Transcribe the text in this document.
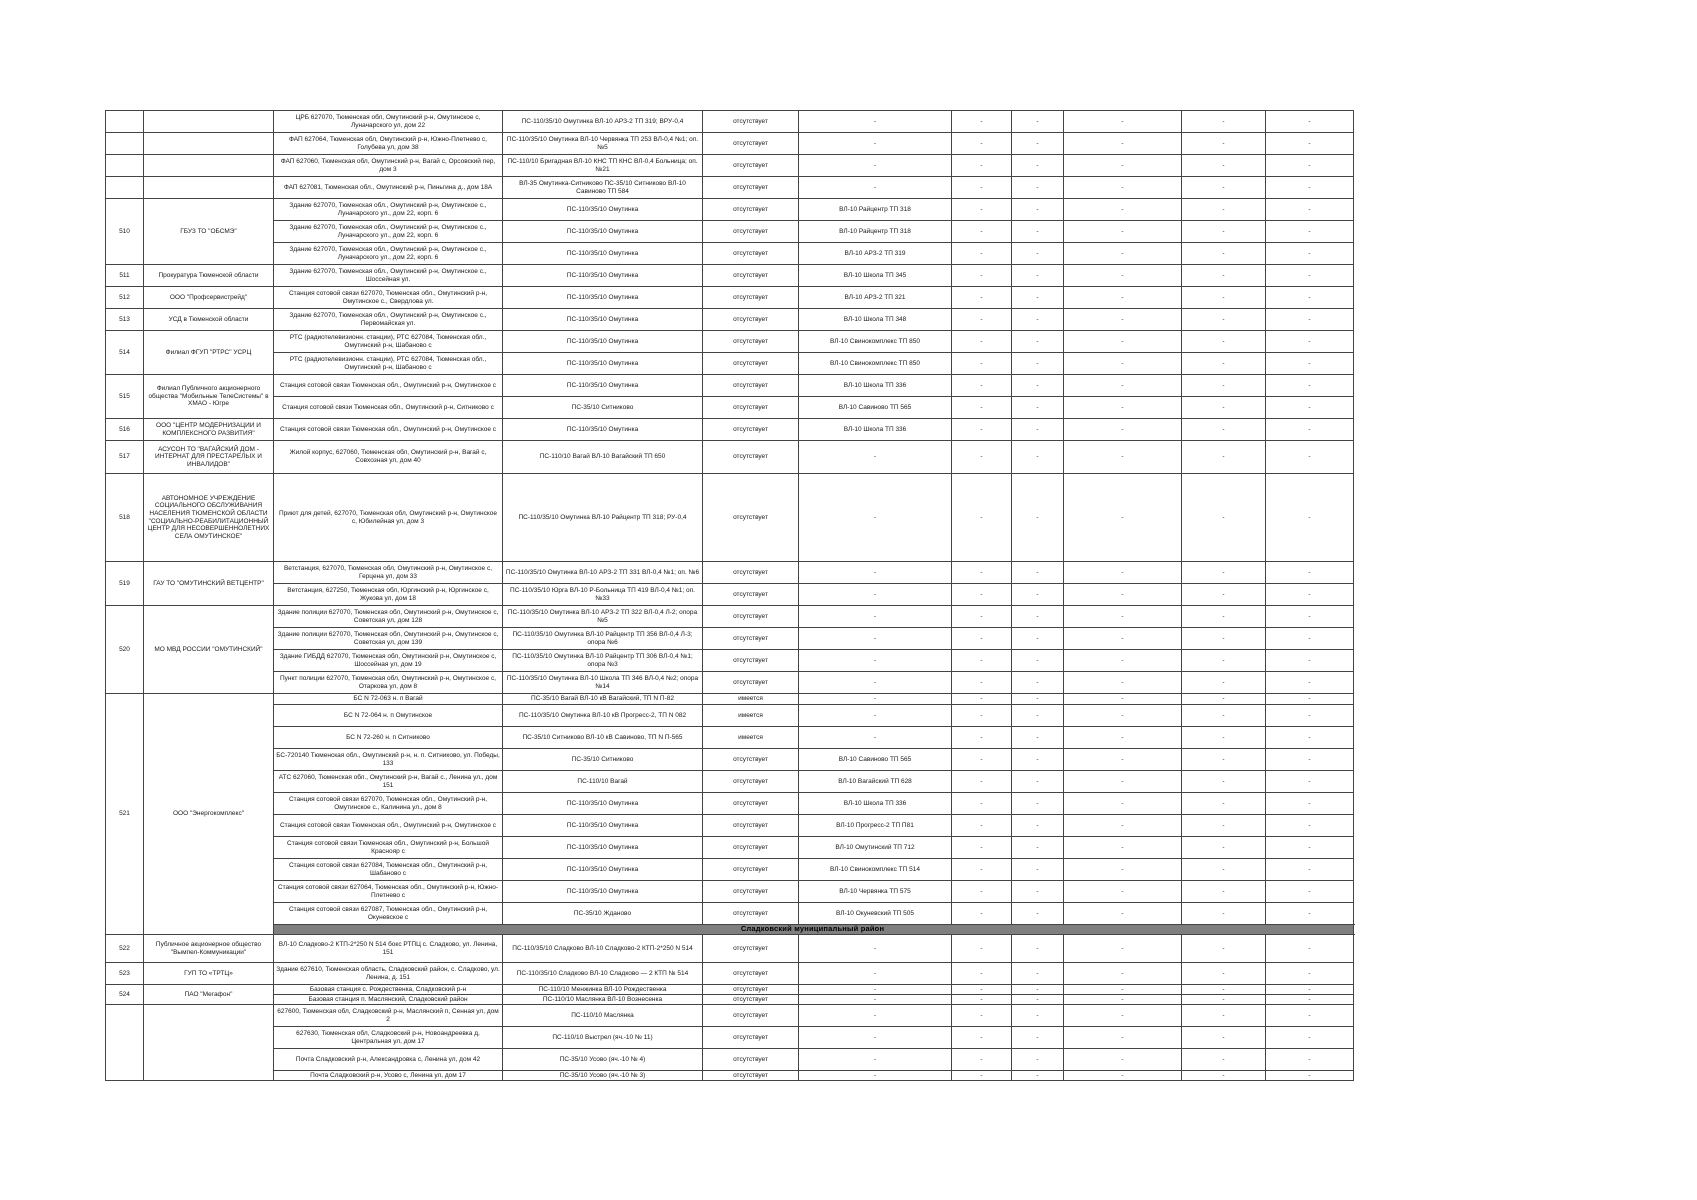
		ЦРБ 627070, Тюменская обл, Омутинский р-н, Омутинское с, Луначарского ул, дом 22	ПС-110/35/10 Омутинка ВЛ-10 АРЗ-2 ТП 319; ВРУ-0,4	отсутствует	-	-	-	-	-	-
		ФАП 627064, Тюменская обл, Омутинский р-н, Южно-Плетнево с, Голубева ул, дом 38	ПС-110/35/10 Омутинка ВЛ-10 Червянка ТП 253 ВЛ-0,4 №1; оп. №5	отсутствует	-	-	-	-	-	-
		ФАП 627060, Тюменская обл, Омутинский р-н, Вагай с, Орсовский пер, дом 3	ПС-110/10 Бригадная ВЛ-10 КНС ТП КНС ВЛ-0,4 Больница; оп. №21	отсутствует	-	-	-	-	-	-
		ФАП 627081, Тюменская обл., Омутинский р-н, Пиньгина д., дом 18А	ВЛ-35 Омутинка-Ситниково ПС-35/10 Ситниково ВЛ-10 Савиново ТП 584	отсутствует	-	-	-	-	-	-
510	ГБУЗ ТО "ОБСМЭ"	Здание 627070, Тюменская обл., Омутинский р-н, Омутинское с., Луначарского ул., дом 22, корп. 6	ПС-110/35/10 Омутинка	отсутствует	ВЛ-10 Райцентр ТП 318	-	-	-	-	-
		Здание 627070, Тюменская обл., Омутинский р-н, Омутинское с., Луначарского ул., дом 22, корп. 6	ПС-110/35/10 Омутинка	отсутствует	ВЛ-10 Райцентр ТП 318	-	-	-	-	-
		Здание 627070, Тюменская обл., Омутинский р-н, Омутинское с., Луначарского ул., дом 22, корп. 6	ПС-110/35/10 Омутинка	отсутствует	ВЛ-10 АРЗ-2 ТП 319	-	-	-	-	-
511	Прокуратура Тюменской области	Здание 627070, Тюменская обл., Омутинский р-н, Омутинское с., Шоссейная ул.	ПС-110/35/10 Омутинка	отсутствует	ВЛ-10 Школа ТП 345	-	-	-	-	-
512	ООО "Профсервистрейд"	Станция сотовой связи 627070, Тюменская обл., Омутинский р-н, Омутинское с., Свердлова ул.	ПС-110/35/10 Омутинка	отсутствует	ВЛ-10 АРЗ-2 ТП 321	-	-	-	-	-
513	УСД в Тюменской области	Здание 627070, Тюменская обл., Омутинский р-н, Омутинское с., Первомайская ул.	ПС-110/35/10 Омутинка	отсутствует	ВЛ-10 Школа ТП 348	-	-	-	-	-
514	Филиал ФГУП "РТРС" УСРЦ	РТС (радиотелевизионн. станции), РТС 627084, Тюменская обл., Омутинский р-н, Шабаново с	ПС-110/35/10 Омутинка	отсутствует	ВЛ-10 Свинокомплекс ТП 850	-	-	-	-	-
		РТС (радиотелевизионн. станции), РТС 627084, Тюменская обл., Омутинский р-н, Шабаново с	ПС-110/35/10 Омутинка	отсутствует	ВЛ-10 Свинокомплекс ТП 850	-	-	-	-	-
515	Филиал Публичного акционерного общества "Мобильные ТелеСистемы" в ХМАО - Югре	Станция сотовой связи Тюменская обл., Омутинский р-н, Омутинское с	ПС-110/35/10 Омутинка	отсутствует	ВЛ-10 Школа ТП 336	-	-	-	-	-
		Станция сотовой связи Тюменская обл., Омутинский р-н, Ситниково с	ПС-35/10 Ситниково	отсутствует	ВЛ-10 Савиново ТП 565	-	-	-	-	-
516	ООО "ЦЕНТР МОДЕРНИЗАЦИИ И КОМПЛЕКСНОГО РАЗВИТИЯ"	Станция сотовой связи Тюменская обл., Омутинский р-н, Омутинское с	ПС-110/35/10 Омутинка	отсутствует	ВЛ-10 Школа ТП 336	-	-	-	-	-
517	АСУСОН ТО "ВАГАЙСКИЙ ДОМ - ИНТЕРНАТ ДЛЯ ПРЕСТАРЕЛЫХ И ИНВАЛИДОВ"	Жилой корпус, 627060, Тюменская обл, Омутинский р-н, Вагай с, Совхозная ул, дом 40	ПС-110/10 Вагай ВЛ-10 Вагайский ТП 650	отсутствует	-	-	-	-	-	-
518	АВТОНОМНОЕ УЧРЕЖДЕНИЕ СОЦИАЛЬНОГО ОБСЛУЖИВАНИЯ НАСЕЛЕНИЯ ТЮМЕНСКОЙ ОБЛАСТИ "СОЦИАЛЬНО-РЕАБИЛИТАЦИОННЫЙ ЦЕНТР ДЛЯ НЕСОВЕРШЕННОЛЕТНИХ СЕЛА ОМУТИНСКОЕ"	Приют для детей, 627070, Тюменская обл, Омутинский р-н, Омутинское с, Юбилейная ул, дом 3	ПС-110/35/10 Омутинка ВЛ-10 Райцентр ТП 318; РУ-0,4	отсутствует	-	-	-	-	-	-
519	ГАУ ТО "ОМУТИНСКИЙ ВЕТЦЕНТР"	Ветстанция, 627070, Тюменская обл, Омутинский р-н, Омутинское с, Герцена ул, дом 33	ПС-110/35/10 Омутинка ВЛ-10 АРЗ-2 ТП 331 ВЛ-0,4 №1; оп. №6	отсутствует	-	-	-	-	-	-
		Ветстанция, 627250, Тюменская обл, Юргинский р-н, Юргинское с, Жукова ул, дом 18	ПС-110/35/10 Юрга ВЛ-10 Р-Больница ТП 419 ВЛ-0,4 №1; оп. №33	отсутствует	-	-	-	-	-	-
520	МО МВД РОССИИ "ОМУТИНСКИЙ"	Здание полиции 627070, Тюменская обл, Омутинский р-н, Омутинское с, Советская ул, дом 128	ПС-110/35/10 Омутинка ВЛ-10 АРЗ-2 ТП 322 ВЛ-0,4 Л-2; опора №5	отсутствует	-	-	-	-	-	-
		Здание полиции 627070, Тюменская обл, Омутинский р-н, Омутинское с, Советская ул, дом 139	ПС-110/35/10 Омутинка ВЛ-10 Райцентр ТП 356 ВЛ-0,4 Л-3; опора №6	отсутствует	-	-	-	-	-	-
		Здание ГИБДД 627070, Тюменская обл, Омутинский р-н, Омутинское с, Шоссейная ул, дом 19	ПС-110/35/10 Омутинка ВЛ-10 Райцентр ТП 306 ВЛ-0,4 №1; опора №3	отсутствует	-	-	-	-	-	-
		Пункт полиции 627070, Тюменская обл, Омутинский р-н, Омутинское с, Отаркова ул, дом 8	ПС-110/35/10 Омутинка ВЛ-10 Школа ТП 346 ВЛ-0,4 №2; опора №14	отсутствует	-	-	-	-	-	-
521	ООО "Энергокомплекс"	БС N 72-063 н. п Вагай	ПС-35/10 Вагай ВЛ-10 кВ Вагайский, ТП N П-82	имеется	-	-	-	-	-	-
		БС N 72-064 н. п Омутинское	ПС-110/35/10 Омутинка ВЛ-10 кВ Прогресс-2, ТП N 082	имеется	-	-	-	-	-	-
		БС N 72-260 н. п Ситниково	ПС-35/10 Ситниково ВЛ-10 кВ Савиново, ТП N П-565	имеется	-	-	-	-	-	-
		БС-720140 Тюменская обл., Омутинский р-н, н. п. Ситниково, ул. Победы, 133	ПС-35/10 Ситниково	отсутствует	ВЛ-10 Савиново ТП 565	-	-	-	-	-
		АТС 627060, Тюменская обл., Омутинский р-н, Вагай с., Ленина ул., дом 151	ПС-110/10 Вагай	отсутствует	ВЛ-10 Вагайский ТП 628	-	-	-	-	-
		Станция сотовой связи 627070, Тюменская обл., Омутинский р-н, Омутинское с., Калинина ул., дом 8	ПС-110/35/10 Омутинка	отсутствует	ВЛ-10 Школа ТП 336	-	-	-	-	-
		Станция сотовой связи Тюменская обл., Омутинский р-н, Омутинское с	ПС-110/35/10 Омутинка	отсутствует	ВЛ-10 Прогресс-2 ТП П81	-	-	-	-	-
		Станция сотовой связи Тюменская обл., Омутинский р-н, Большой Краснояр с	ПС-110/35/10 Омутинка	отсутствует	ВЛ-10 Омутинский ТП 712	-	-	-	-	-
		Станция сотовой связи 627084, Тюменская обл., Омутинский р-н, Шабаново с	ПС-110/35/10 Омутинка	отсутствует	ВЛ-10 Свинокомплекс ТП 514	-	-	-	-	-
		Станция сотовой связи 627064, Тюменская обл., Омутинский р-н, Южно-Плетнево с	ПС-110/35/10 Омутинка	отсутствует	ВЛ-10 Червянка ТП 575	-	-	-	-	-
		Станция сотовой связи 627087, Тюменская обл., Омутинский р-н, Окуневское с	ПС-35/10 Ждановo	отсутствует	ВЛ-10 Окуневский ТП 505	-	-	-	-	-
		Сладковский муниципальный район								
522	Публичное акционерное общество "Вымпел-Коммуникации"	ВЛ-10 Сладково-2 КТП-2*250 N 514 бокс РТПЦ с. Сладково, ул. Ленина, 151	ПС-110/35/10 Сладково ВЛ-10 Сладково-2 КТП-2*250 N 514	отсутствует	-	-	-	-	-	-
523	ГУП ТО «ТРТЦ»	Здание 627610, Тюменская область, Сладковский район, с. Сладково, ул. Ленина, д. 151	ПС-110/35/10 Сладково ВЛ-10 Сладково — 2 КТП № 514	отсутствует	-	-	-	-	-	-
524	ПАО "Мегафон"	Базовая станция с. Рождественка, Сладковский р-н	ПС-110/10 Менжинка ВЛ-10 Рождественка	отсутствует	-	-	-	-	-	-
		Базовая станция п. Маслянский, Сладковский район	ПС-110/10 Маслянка ВЛ-10 Вознесенка	отсутствует	-	-	-	-	-	-
		627600, Тюменская обл, Сладковский р-н, Маслянский п, Сенная ул, дом 2	ПС-110/10 Маслянка	отсутствует	-	-	-	-	-	-
		627630, Тюменская обл, Сладковский р-н, Новоандреевка д, Центральная ул, дом 17	ПС-110/10 Выстрел (яч.-10 № 11)	отсутствует	-	-	-	-	-	-
		Почта Сладковский р-н, Александровка с, Ленина ул, дом 42	ПС-35/10 Усово (яч.-10 № 4)	отсутствует	-	-	-	-	-	-
		Почта Сладковский р-н, Усово с, Ленина ул, дом 17	ПС-35/10 Усово (яч.-10 № 3)	отсутствует	-	-	-	-	-	-
